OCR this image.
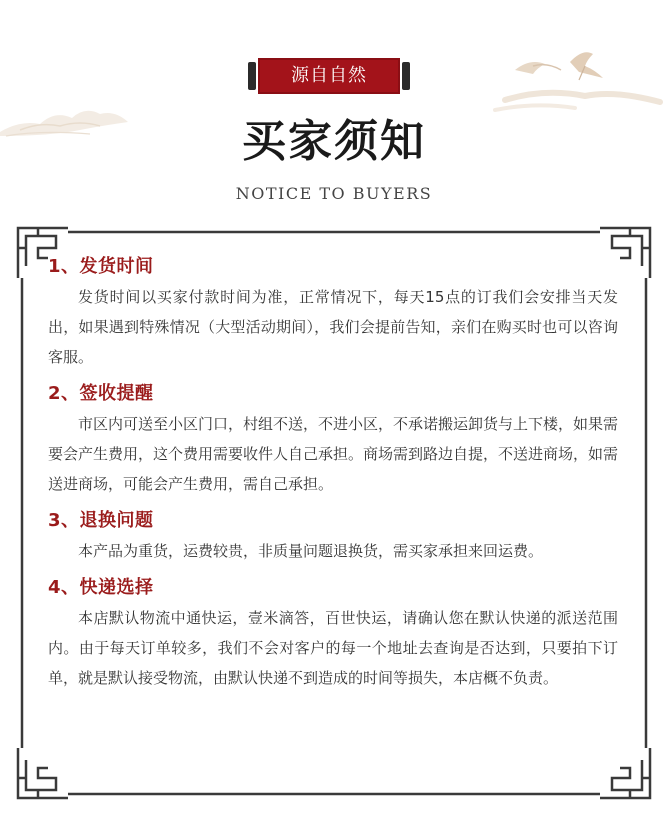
源自自然
买家须知
NOTICE TO BUYERS
1、发货时间

发货时间以买家付款时间为准，正常情况下，每天15点的订我们会安排当天发出，如果遇到特殊情况（大型活动期间），我们会提前告知，亲们在购买时也可以咨询客服。

2、签收提醒

市区内可送至小区门口，村组不送，不进小区，不承诺搬运卸货与上下楼，如果需要会产生费用，这个费用需要收件人自己承担。商场需到路边自提，不送进商场，如需送进商场，可能会产生费用，需自己承担。

3、退换问题

本产品为重货，运费较贵，非质量问题退换货，需买家承担来回运费。

4、快递选择

本店默认物流中通快运，壹米滴答，百世快运，请确认您在默认快递的派送范围内。由于每天订单较多，我们不会对客户的每一个地址去查询是否达到，只要拍下订单，就是默认接受物流，由默认快递不到造成的时间等损失，本店概不负责。
